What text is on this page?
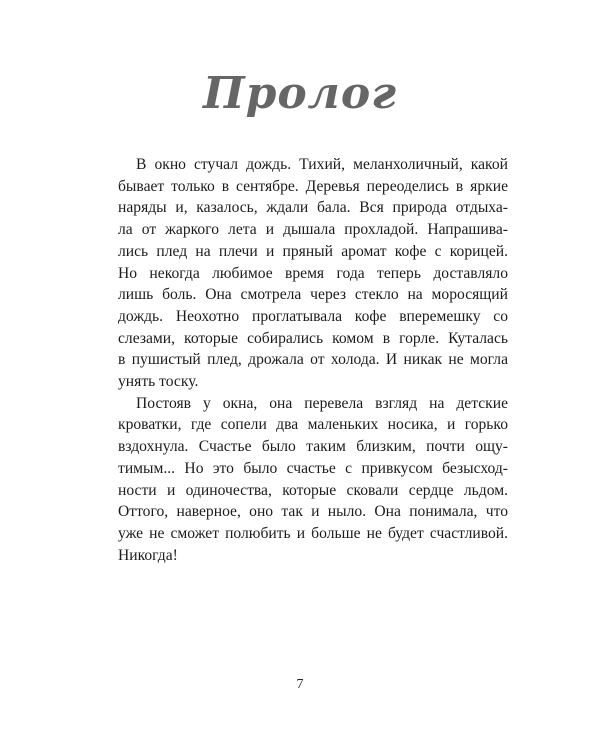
Пролог
В окно стучал дождь. Тихий, меланхоличный, какой
бывает только в сентябре. Деревья переоделись в яркие
наряды и, казалось, ждали бала. Вся природа отдыха-
ла от жаркого лета и дышала прохладой. Напрашива-
лись плед на плечи и пряный аромат кофе с корицей.
Но некогда любимое время года теперь доставляло
лишь боль. Она смотрела через стекло на моросящий
дождь. Неохотно проглатывала кофе вперемешку со
слезами, которые собирались комом в горле. Куталась
в пушистый плед, дрожала от холода. И никак не могла
унять тоску.
Постояв у окна, она перевела взгляд на детские
кроватки, где сопели два маленьких носика, и горько
вздохнула. Счастье было таким близким, почти ощу-
тимым... Но это было счастье с привкусом безысход-
ности и одиночества, которые сковали сердце льдом.
Оттого, наверное, оно так и ныло. Она понимала, что
уже не сможет полюбить и больше не будет счастливой.
Никогда!
7
